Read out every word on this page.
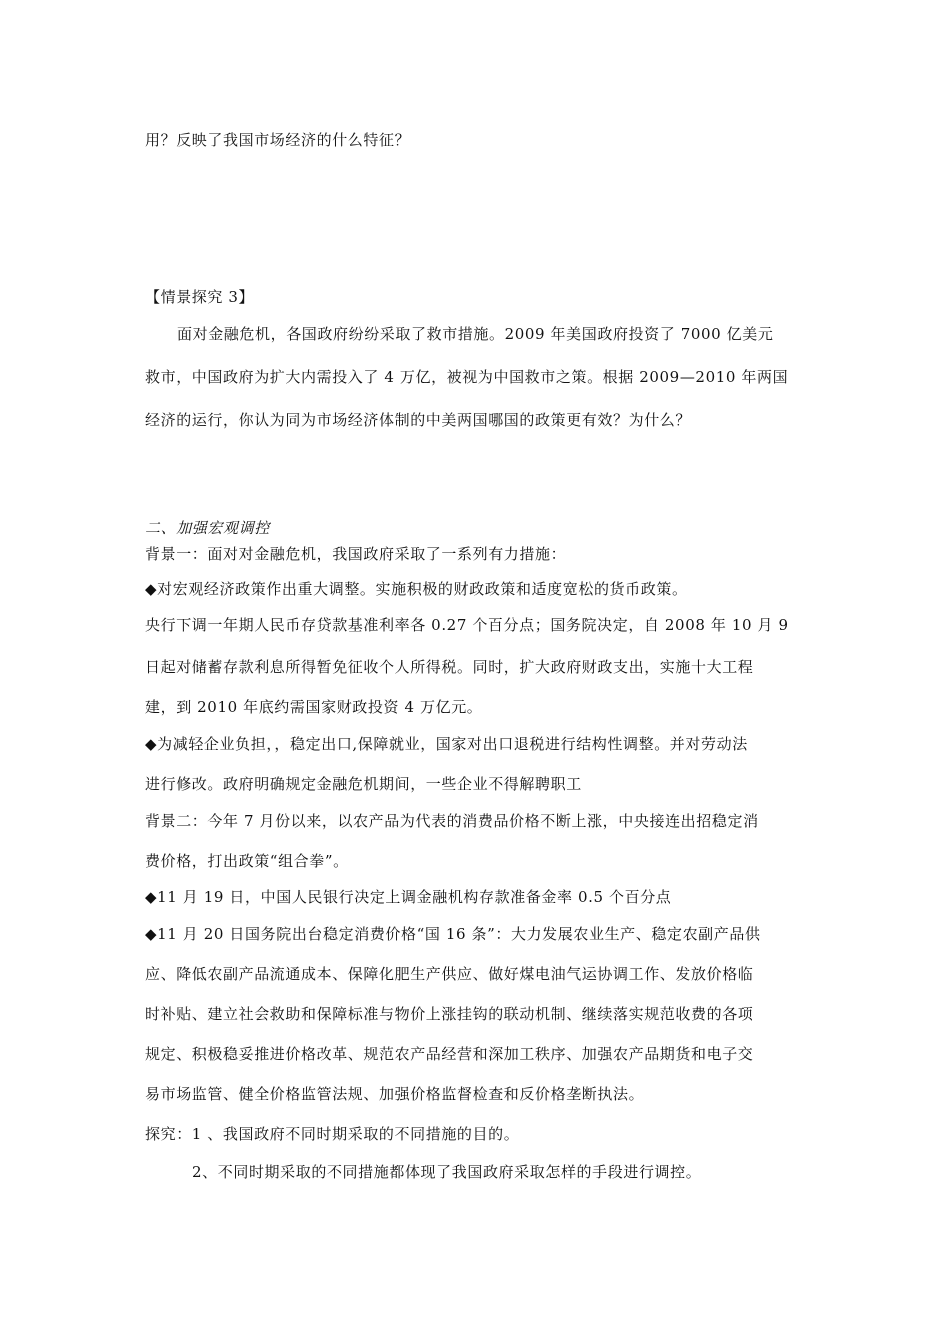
用？反映了我国市场经济的什么特征？
【情景探究 3】
面对金融危机，各国政府纷纷采取了救市措施。2009 年美国政府投资了 7000 亿美元
救市，中国政府为扩大内需投入了 4 万亿，被视为中国救市之策。根据 2009—2010 年两国
经济的运行，你认为同为市场经济体制的中美两国哪国的政策更有效？为什么？
二、加强宏观调控
背景一：面对对金融危机，我国政府采取了一系列有力措施：
◆对宏观经济政策作出重大调整。实施积极的财政政策和适度宽松的货币政策。
央行下调一年期人民币存贷款基准利率各 0.27 个百分点；国务院决定，自 2008 年 10 月 9
日起对储蓄存款利息所得暂免征收个人所得税。同时，扩大政府财政支出，实施十大工程
建，到 2010 年底约需国家财政投资 4 万亿元。
◆为减轻企业负担，，稳定出口,保障就业，国家对出口退税进行结构性调整。并对劳动法
进行修改。政府明确规定金融危机期间，一些企业不得解聘职工
背景二：今年 7 月份以来，以农产品为代表的消费品价格不断上涨，中央接连出招稳定消
费价格，打出政策“组合拳”。
◆11 月 19 日，中国人民银行决定上调金融机构存款准备金率 0.5 个百分点
◆11 月 20 日国务院出台稳定消费价格“国 16 条”：大力发展农业生产、稳定农副产品供
应、降低农副产品流通成本、保障化肥生产供应、做好煤电油气运协调工作、发放价格临
时补贴、建立社会救助和保障标准与物价上涨挂钩的联动机制、继续落实规范收费的各项
规定、积极稳妥推进价格改革、规范农产品经营和深加工秩序、加强农产品期货和电子交
易市场监管、健全价格监管法规、加强价格监督检查和反价格垄断执法。
探究：1 、我国政府不同时期采取的不同措施的目的。
2、不同时期采取的不同措施都体现了我国政府采取怎样的手段进行调控。
